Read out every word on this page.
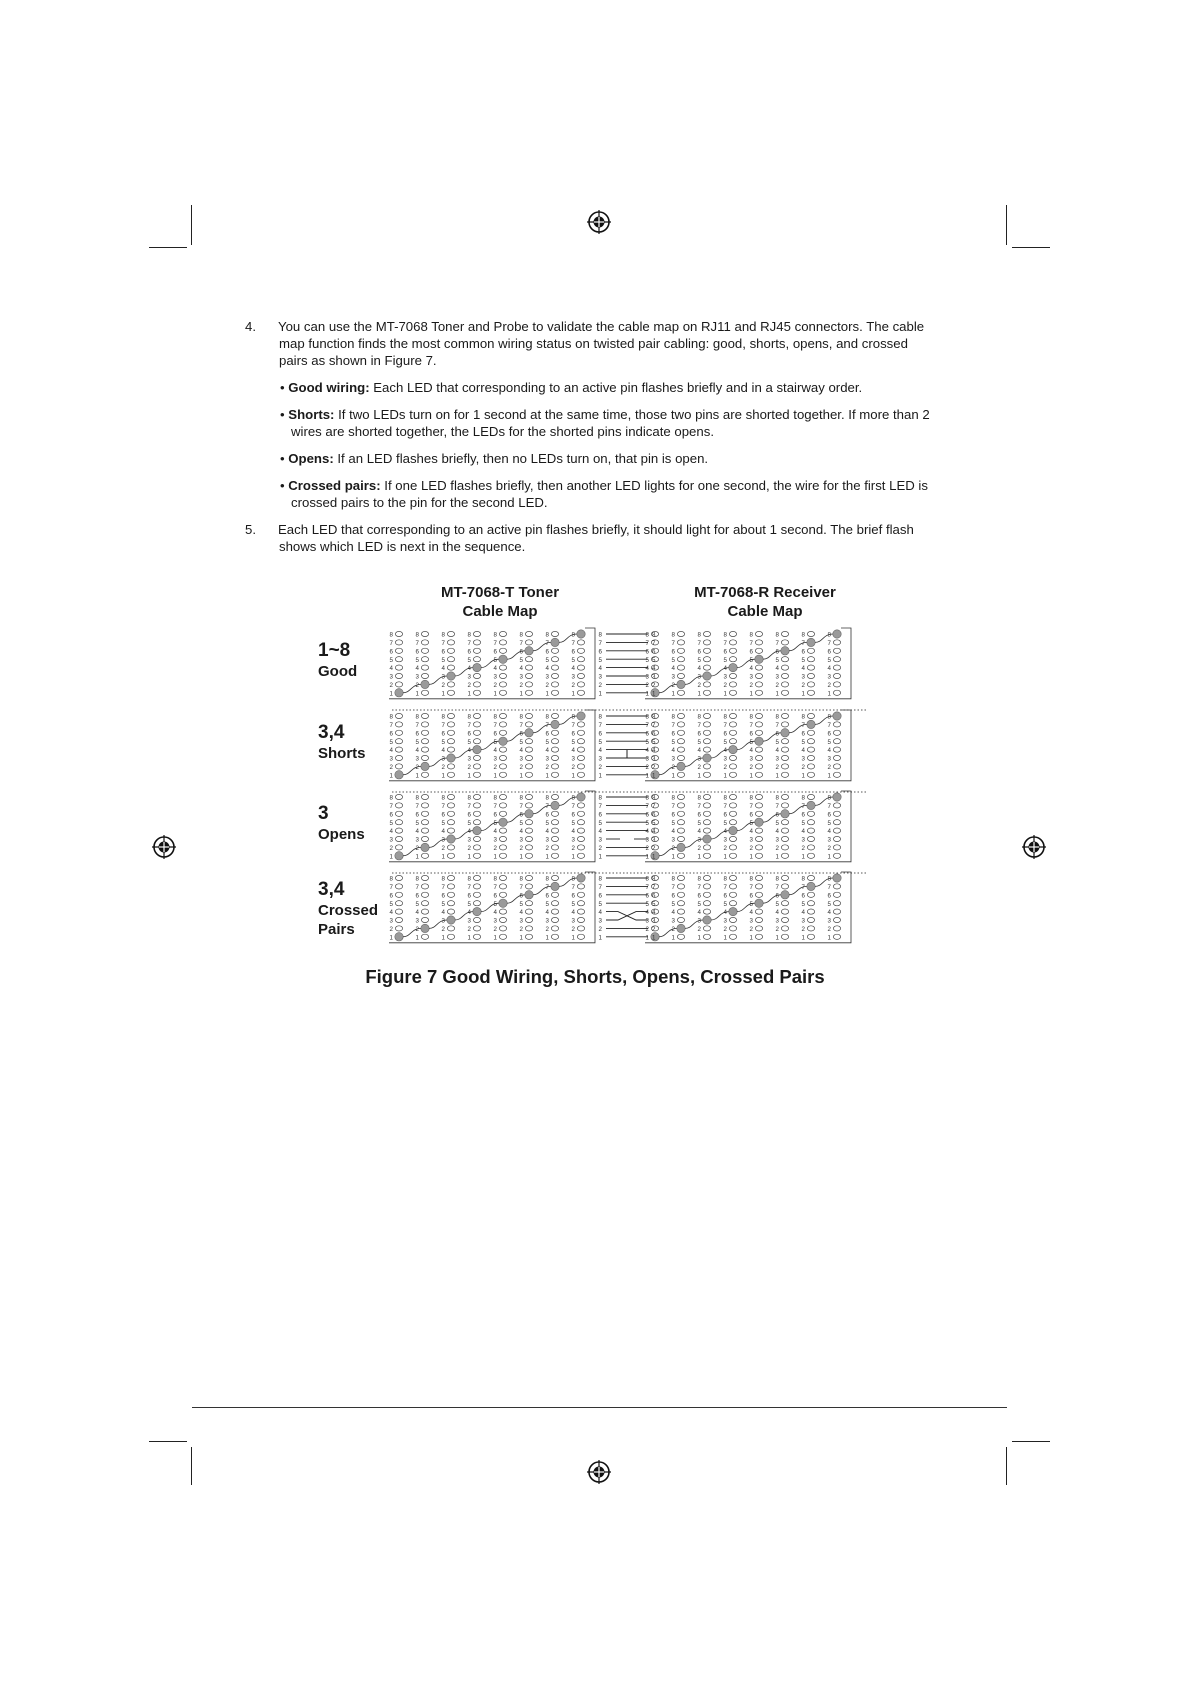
4. You can use the MT-7068 Toner and Probe to validate the cable map on RJ11 and RJ45 connectors. The cable map function finds the most common wiring status on twisted pair cabling: good, shorts, opens, and crossed pairs as shown in Figure 7.

• Good wiring: Each LED that corresponding to an active pin flashes briefly and in a stairway order.

• Shorts: If two LEDs turn on for 1 second at the same time, those two pins are shorted together. If more than 2 wires are shorted together, the LEDs for the shorted pins indicate opens.

• Opens: If an LED flashes briefly, then no LEDs turn on, that pin is open.

• Crossed pairs: If one LED flashes briefly, then another LED lights for one second, the wire for the first LED is crossed pairs to the pin for the second LED.

5. Each LED that corresponding to an active pin flashes briefly, it should light for about 1 second. The brief flash shows which LED is next in the sequence.

MT-7068-T Toner
Cable Map
MT-7068-R Receiver
Cable Map
1~8
Good
3,4
Shorts
3
Opens
3,4
Crossed
Pairs
8
7
6
5
4
3
2
1
8
7
6
5
4
3
2
1
8
7
6
5
4
3
2
1
8
7
6
5
4
3
2
1
8
7
6
5
4
3
2
1
8
7
6
5
4
3
2
1
8
7
6
5
4
3
2
1
8
7
6
5
4
3
2
1
8
7
6
5
4
3
2
1
8
7
6
5
4
3
2
1
8
7
6
5
4
3
2
1
8
7
6
5
4
3
2
1
8
7
6
5
4
3
2
1
8
7
6
5
4
3
2
1
8
7
6
5
4
3
2
1
8
7
6
5
4
3
2
1
8	8
7	7
6	6
5	5
4	4
3	3
2	2
1	1
8
7
6
5
4
3
2
1
8
7
6
5
4
3
2
1
8
7
6
5
4
3
2
1
8
7
6
5
4
3
2
1
8
7
6
5
4
3
2
1
8
7
6
5
4
3
2
1
8
7
6
5
4
3
2
1
8
7
6
5
4
3
2
1
8
7
6
5
4
3
2
1
8
7
6
5
4
3
2
1
8
7
6
5
4
3
2
1
8
7
6
5
4
3
2
1
8
7
6
5
4
3
2
1
8
7
6
5
4
3
2
1
8
7
6
5
4
3
2
1
8
7
6
5
4
3
2
1
8	8
7	7
6	6
5	5
4	4
3	3
2	2
1	1
8
7
6
5
4
3
2
1
8
7
6
5
4
3
2
1
8
7
6
5
4
3
2
1
8
7
6
5
4
3
2
1
8
7
6
5
4
3
2
1
8
7
6
5
4
3
2
1
8
7
6
5
4
3
2
1
8
7
6
5
4
3
2
1
8
7
6
5
4
3
2
1
8
7
6
5
4
3
2
1
8
7
6
5
4
3
2
1
8
7
6
5
4
3
2
1
8
7
6
5
4
3
2
1
8
7
6
5
4
3
2
1
8
7
6
5
4
3
2
1
8
7
6
5
4
3
2
1
8	8
7	7
6	6
5	5
4	4
3	3
2	2
1	1
8
7
6
5
4
3
2
1
8
7
6
5
4
3
2
1
8
7
6
5
4
3
2
1
8
7
6
5
4
3
2
1
8
7
6
5
4
3
2
1
8
7
6
5
4
3
2
1
8
7
6
5
4
3
2
1
8
7
6
5
4
3
2
1
8
7
6
5
4
3
2
1
8
7
6
5
4
3
2
1
8
7
6
5
4
3
2
1
8
7
6
5
4
3
2
1
8
7
6
5
4
3
2
1
8
7
6
5
4
3
2
1
8
7
6
5
4
3
2
1
8
7
6
5
4
3
2
1
8	8
7	7
6	6
5	5
4	4
3	3
2	2
1	1
Figure 7 Good Wiring, Shorts, Opens, Crossed Pairs
